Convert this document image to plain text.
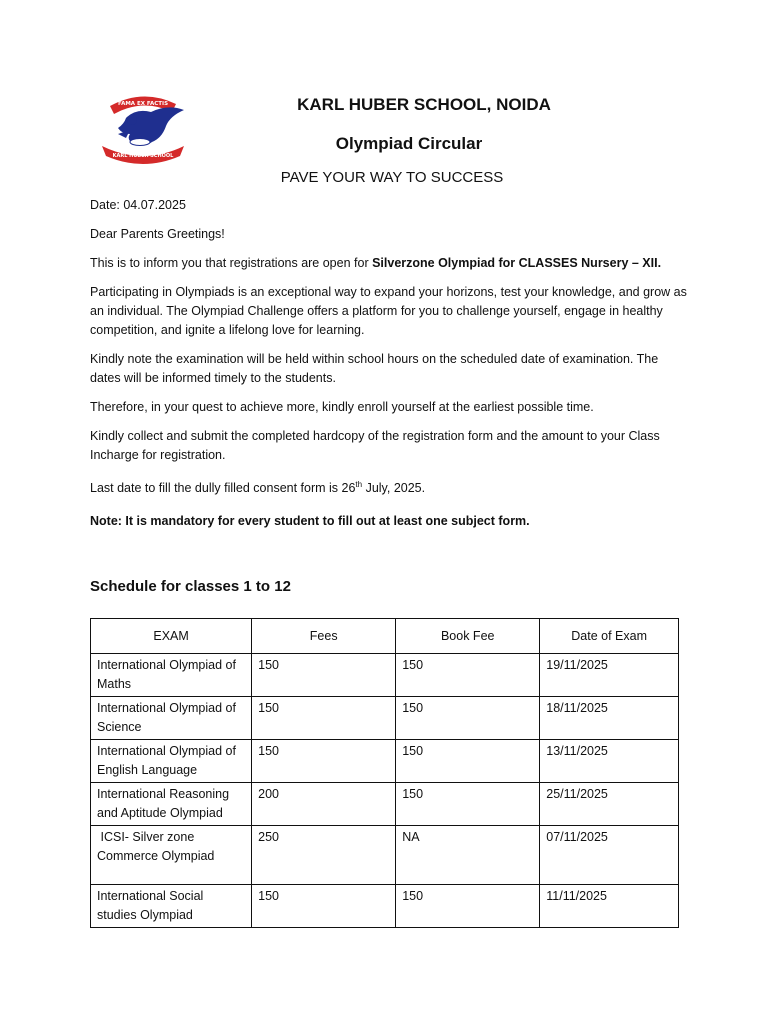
FAMA EX FACTIS
KARL HUBER SCHOOL
KARL HUBER SCHOOL, NOIDA
Olympiad Circular
PAVE YOUR WAY TO SUCCESS

Date: 04.07.2025

Dear Parents Greetings!

This is to inform you that registrations are open for Silverzone Olympiad for CLASSES Nursery – XII.

Participating in Olympiads is an exceptional way to expand your horizons, test your knowledge, and grow as an individual. The Olympiad Challenge offers a platform for you to challenge yourself, engage in healthy competition, and ignite a lifelong love for learning.

Kindly note the examination will be held within school hours on the scheduled date of examination. The dates will be informed timely to the students.

Therefore, in your quest to achieve more, kindly enroll yourself at the earliest possible time.

Kindly collect and submit the completed hardcopy of the registration form and the amount to your Class Incharge for registration.

Last date to fill the dully filled consent form is 26th July, 2025.

Note: It is mandatory for every student to fill out at least one subject form.

Schedule for classes 1 to 12
EXAM	Fees	Book Fee	Date of Exam
International Olympiad of Maths	150	150	19/11/2025
International Olympiad of Science	150	150	18/11/2025
International Olympiad of English Language	150	150	13/11/2025
International Reasoning and Aptitude Olympiad	200	150	25/11/2025
ICSI- Silver zone Commerce Olympiad	250	NA	07/11/2025
International Social studies Olympiad	150	150	11/11/2025
